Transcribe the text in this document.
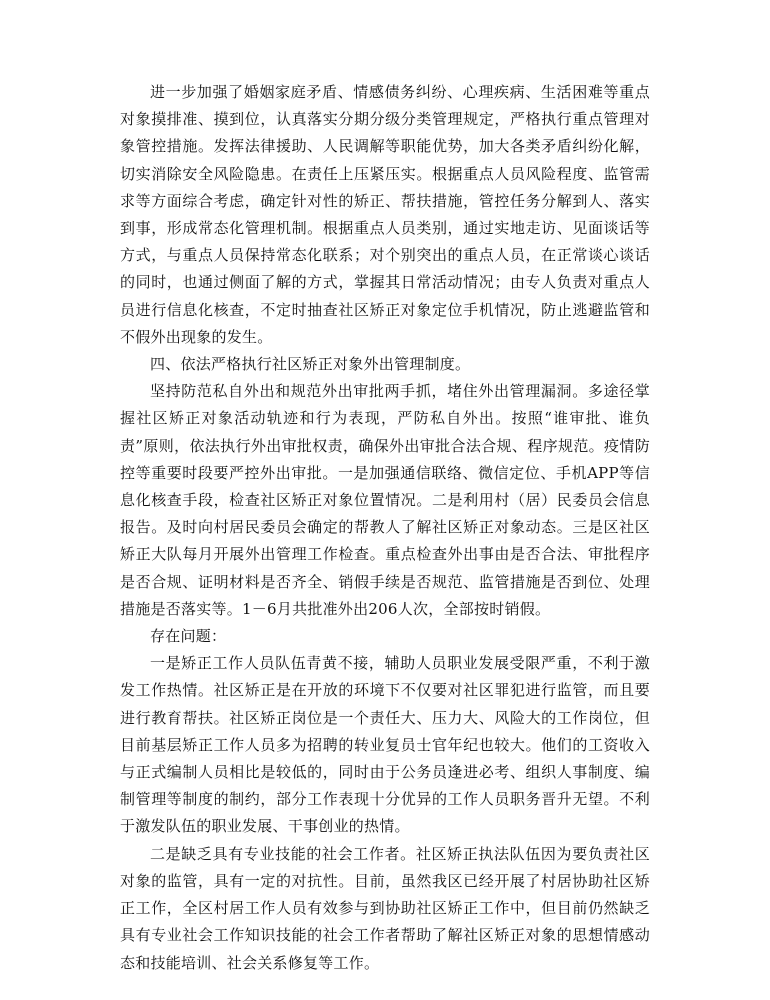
进一步加强了婚姻家庭矛盾、情感债务纠纷、心理疾病、生活困难等重点对象摸排准、摸到位，认真落实分期分级分类管理规定，严格执行重点管理对象管控措施。发挥法律援助、人民调解等职能优势，加大各类矛盾纠纷化解，切实消除安全风险隐患。在责任上压紧压实。根据重点人员风险程度、监管需求等方面综合考虑，确定针对性的矫正、帮扶措施，管控任务分解到人、落实到事，形成常态化管理机制。根据重点人员类别，通过实地走访、见面谈话等方式，与重点人员保持常态化联系；对个别突出的重点人员，在正常谈心谈话的同时，也通过侧面了解的方式，掌握其日常活动情况；由专人负责对重点人员进行信息化核查，不定时抽查社区矫正对象定位手机情况，防止逃避监管和不假外出现象的发生。

四、依法严格执行社区矫正对象外出管理制度。

坚持防范私自外出和规范外出审批两手抓，堵住外出管理漏洞。多途径掌握社区矫正对象活动轨迹和行为表现，严防私自外出。按照“谁审批、谁负责”原则，依法执行外出审批权责，确保外出审批合法合规、程序规范。疫情防控等重要时段要严控外出审批。一是加强通信联络、微信定位、手机APP等信息化核查手段，检查社区矫正对象位置情况。二是利用村（居）民委员会信息报告。及时向村居民委员会确定的帮教人了解社区矫正对象动态。三是区社区矫正大队每月开展外出管理工作检查。重点检查外出事由是否合法、审批程序是否合规、证明材料是否齐全、销假手续是否规范、监管措施是否到位、处理措施是否落实等。1－6月共批准外出206人次，全部按时销假。

存在问题：

一是矫正工作人员队伍青黄不接，辅助人员职业发展受限严重，不利于激发工作热情。社区矫正是在开放的环境下不仅要对社区罪犯进行监管，而且要进行教育帮扶。社区矫正岗位是一个责任大、压力大、风险大的工作岗位，但目前基层矫正工作人员多为招聘的转业复员士官年纪也较大。他们的工资收入与正式编制人员相比是较低的，同时由于公务员逢进必考、组织人事制度、编制管理等制度的制约，部分工作表现十分优异的工作人员职务晋升无望。不利于激发队伍的职业发展、干事创业的热情。

二是缺乏具有专业技能的社会工作者。社区矫正执法队伍因为要负责社区对象的监管，具有一定的对抗性。目前，虽然我区已经开展了村居协助社区矫正工作，全区村居工作人员有效参与到协助社区矫正工作中，但目前仍然缺乏具有专业社会工作知识技能的社会工作者帮助了解社区矫正对象的思想情感动态和技能培训、社会关系修复等工作。
